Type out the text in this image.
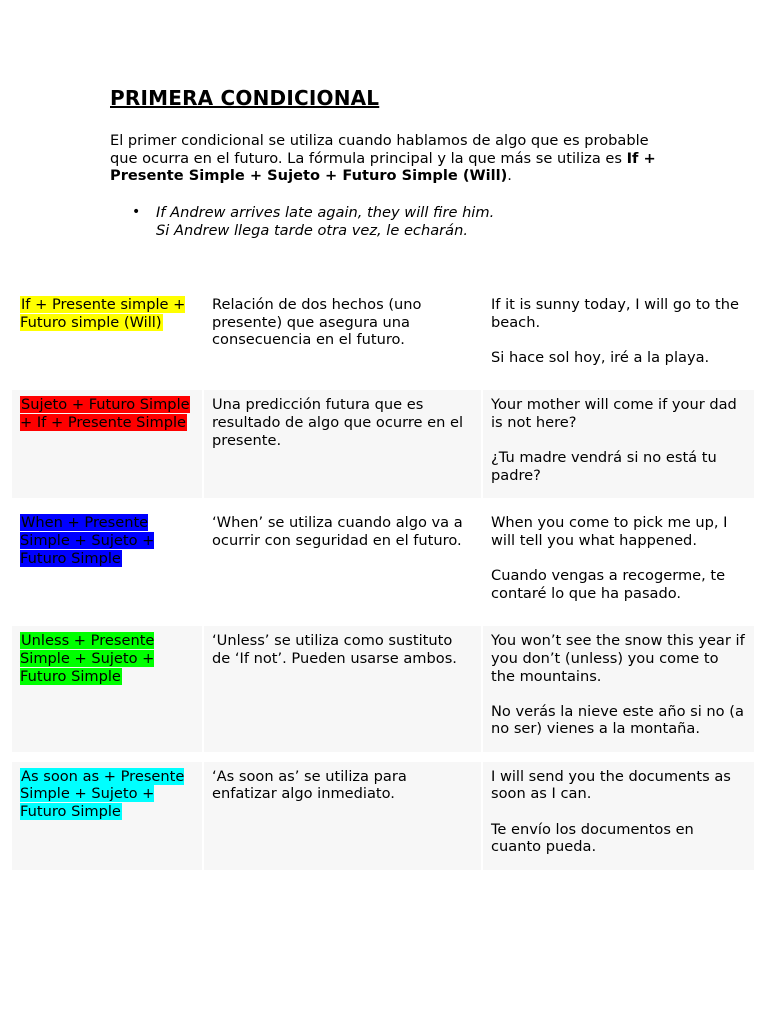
PRIMERA CONDICIONAL

El primer condicional se utiliza cuando hablamos de algo que es probable que ocurra en el futuro. La fórmula principal y la que más se utiliza es If + Presente Simple + Sujeto + Futuro Simple (Will).

• If Andrew arrives late again, they will fire him.
Si Andrew llega tarde otra vez, le echarán.
If + Presente simple + Futuro simple (Will)	Relación de dos hechos (uno presente) que asegura una consecuencia en el futuro.	If it is sunny today, I will go to the beach.

Si hace sol hoy, iré a la playa.

Sujeto + Futuro Simple + If + Presente Simple	Una predicción futura que es resultado de algo que ocurre en el presente.	Your mother will come if your dad is not here?

¿Tu madre vendrá si no está tu padre?

When + Presente Simple + Sujeto + Futuro Simple	‘When’ se utiliza cuando algo va a ocurrir con seguridad en el futuro.	When you come to pick me up, I will tell you what happened.

Cuando vengas a recogerme, te contaré lo que ha pasado.

Unless + Presente Simple + Sujeto + Futuro Simple	‘Unless’ se utiliza como sustituto de ‘If not’. Pueden usarse ambos.	You won’t see the snow this year if you don’t (unless) you come to the mountains.

No verás la nieve este año si no (a no ser) vienes a la montaña.

As soon as + Presente Simple + Sujeto + Futuro Simple	‘As soon as’ se utiliza para enfatizar algo inmediato.	I will send you the documents as soon as I can.

Te envío los documentos en cuanto pueda.
